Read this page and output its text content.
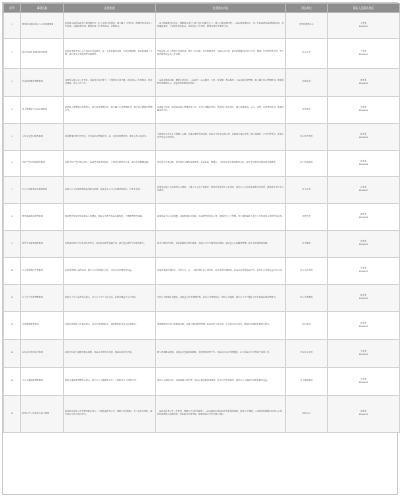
序号	事项名称	政策依据	负责落实内容	责任单位	联系人及联系电话
1	现场检查强化政府与公众沟通事项	依据相关法律法规及上级部署要求，结合本地实际情况，建立健全工作机制，明确目标任务和工作措施，加强统筹协调，确保各项工作有序推进，按期完成。	一是全面梳理责任清单，明确牵头部门与配合部门的职责分工，建立定期会商制度；二是加强督促检查，对工作推进情况进行跟踪问效，及时通报进展；三是强化信息报送，按时报送工作情况，确保各项任务落到实处。	区行政服务中心	李某某
83000001

2	城乡居民养老保险服务事项	根据国务院及省市关于深化改革的意见，进一步优化服务流程，压缩办理时限，推进事项网上办理，提升群众办事便利度和满意度。	严格按照工作方案落实各项措施，细化工作流程，完善配套制度，加强人员培训，做好政策解读和宣传引导，确保工作平稳有序开展，切实提高服务质量和工作效率。	区人社局	王某某
83000002

3	社会救助审批管理事项	按照有关规定和工作要求，加强部门协作配合，实现信息共享互通，推动相关工作规范化、标准化建设，形成工作合力。	一是完善审批流程，精简申请材料；二是推行一站式服务，实现一窗受理、集成服务；三是加强监督管理，建立健全动态管理机制，确保救助对象精准认定，资金及时足额发放到位。	区民政局	张某某
83000003

4	城市管理综合执法协调事项	依据城市管理相关条例规定，落实属地管理责任，建立健全长效管理机制，提升城市精细化管理水平。	加强综合协调，统筹推进城市管理各项工作，开展专项整治行动，及时回应群众诉求，建立问题发现、交办、处置、反馈闭环机制，确保问题按时办结。	区城管局	刘某某
83000004

5	市场主体登记服务事项	根据商事制度改革要求，持续深化放管服改革，进一步优化营商环境，激发市场主体活力。	全面推行企业开办全程网上办理，压减办理环节和时间，推进电子营业执照应用，加强事中事后监管，落实双随机一公开监管要求，营造公平竞争的市场环境。	区市场监管局	陈某某
83000005

6	不动产登记便民服务事项	按照不动产登记相关规定，推进登记服务便民化，实现部门间信息共享，减少群众跑腿次数。	优化登记业务流程，推行预约办理和延时服务，加快推进一网通办，实现常见登记事项限时办结，提升登记服务效能和群众满意度。	区自然资源局	杨某某
83000006

7	公共文化服务体系建设事项	依据公共文化服务保障法及相关政策，推进基本公共文化服务标准化、均等化发展。	加强基层综合文化服务中心建设，丰富公共文化产品供给，组织开展群众性文化活动，完善公共文化设施免费开放制度，满足群众多样化文化需求。	区文旅局	赵某某
83000007

8	教育资源优化配置事项	根据教育发展规划和相关文件精神，促进义务教育优质均衡发展，合理配置教育资源。	统筹推进学校布局调整，加强师资队伍建设，推进教育信息化应用，规范招生入学管理，切实保障适龄儿童少年平等接受义务教育的权利。	区教育局	黄某某
83000008

9	医疗卫生服务保障事项	按照深化医药卫生体制改革要求，推动优质医疗资源下沉，提升基层医疗卫生服务能力。	完善分级诊疗制度，推进家庭医生签约服务，加强公共卫生服务体系建设，做好重点人群健康管理，提升群众就医获得感。	区卫健局	周某某
83000009

10	生态环境保护监管事项	依据环境保护法律法规，落实生态环境保护责任，持续改善区域环境质量。	加强污染源监督检查，开展大气、水、土壤污染防治专项行动，完善环境监测网络，依法查处环境违法行为，推动生态环境质量持续向好。	区生态环境局	吴某某
83000010

11	安全生产监督管理事项	根据安全生产法及有关规定，压实安全生产主体责任，防范化解重大安全风险。	开展安全隐患排查整治，加强重点行业领域监管，完善应急预案体系，组织应急演练，提升安全生产整体水平和事故防范处置能力。	区应急管理局	徐某某
83000011

12	住房保障服务事项	按照住房保障工作相关规定，完善住房保障体系，满足困难群众基本住房需求。	规范保障性住房申请审核流程，加强分配和使用管理，推进老旧小区改造，改善群众居住条件，确保住房保障政策落实到位。	区住建局	孙某某
83000012

13	农业农村发展扶持事项	依据乡村振兴战略及相关政策，推进农业现代化发展，促进农民持续增收。	落实各项惠农政策，加强农业基础设施建设，发展特色优势产业，推进农村人居环境整治，扎实推进乡村全面振兴各项工作。	区农业农村局	马某某
83000013

14	公共交通运输管理事项	根据交通运输管理有关规定，提升公共交通服务水平，方便群众安全便捷出行。	优化公交线路布局，加强运输市场监管，推进交通基础设施建设，完善出行信息服务，提高公共交通运行效率和服务质量。	区交通运输局	朱某某
83000014

15	政务公开与信息发布综合事项	依据政府信息公开条例及相关规定，全面推进政务公开，保障公众知情权、参与权和监督权，提升政府公信力和执行力。	一是完善政务公开工作机制，明确公开内容和程序；二是加强政府网站和政务新媒体建设，拓展公开渠道；三是做好政策解读和回应关切，及时准确发布权威信息；四是强化监督考核，确保各项公开要求落实到位。	区政府办	胡某某
83000015
